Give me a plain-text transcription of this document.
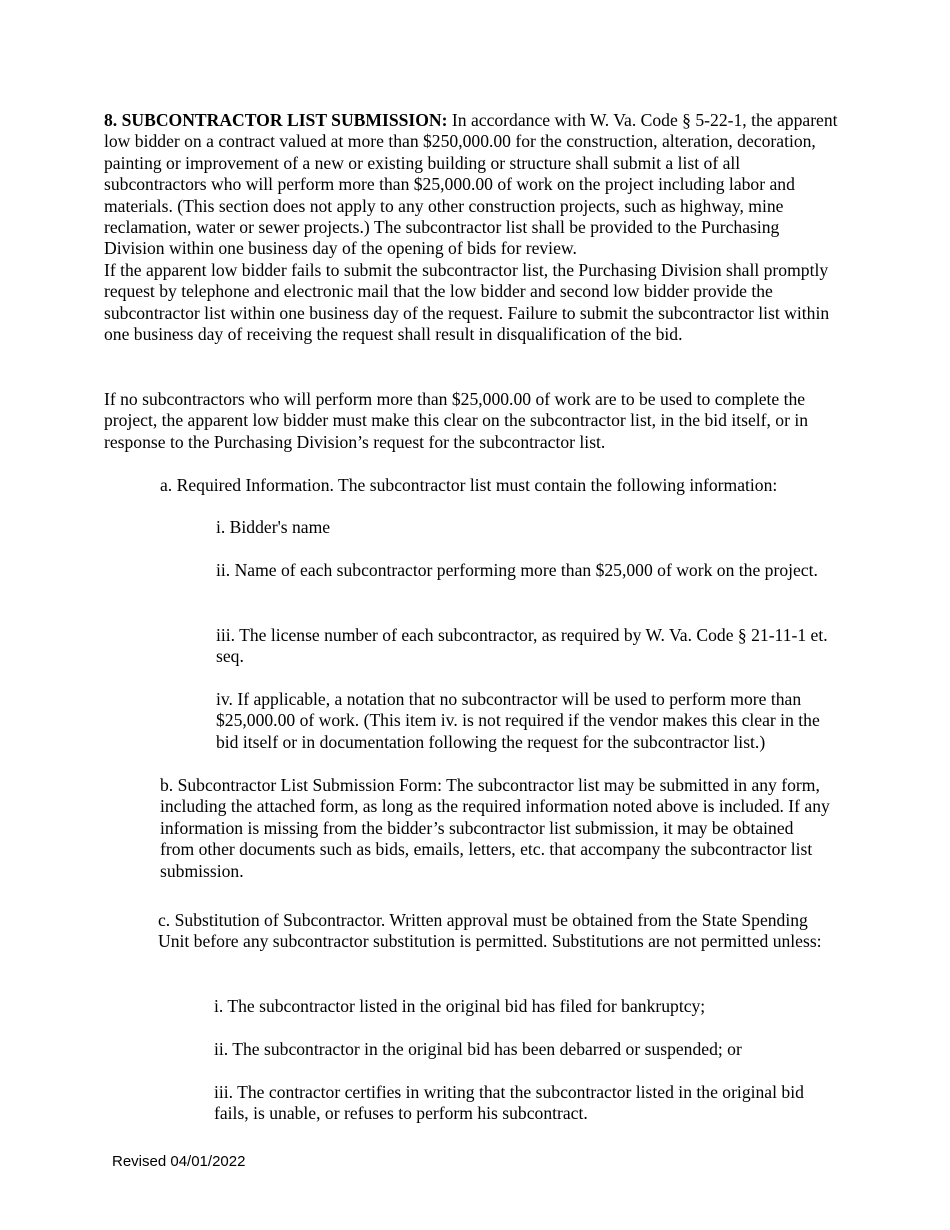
8. SUBCONTRACTOR LIST SUBMISSION: In accordance with W. Va. Code § 5-22-1, the apparent low bidder on a contract valued at more than $250,000.00 for the construction, alteration, decoration, painting or improvement of a new or existing building or structure shall submit a list of all subcontractors who will perform more than $25,000.00 of work on the project including labor and materials. (This section does not apply to any other construction projects, such as highway, mine reclamation, water or sewer projects.) The subcontractor list shall be provided to the Purchasing Division within one business day of the opening of bids for review.
If the apparent low bidder fails to submit the subcontractor list, the Purchasing Division shall promptly request by telephone and electronic mail that the low bidder and second low bidder provide the subcontractor list within one business day of the request. Failure to submit the subcontractor list within one business day of receiving the request shall result in disqualification of the bid.

If no subcontractors who will perform more than $25,000.00 of work are to be used to complete the project, the apparent low bidder must make this clear on the subcontractor list, in the bid itself, or in response to the Purchasing Division’s request for the subcontractor list.

a. Required Information. The subcontractor list must contain the following information:

i. Bidder's name

ii. Name of each subcontractor performing more than $25,000 of work on the project.

iii. The license number of each subcontractor, as required by W. Va. Code § 21-11-1 et. seq.

iv. If applicable, a notation that no subcontractor will be used to perform more than $25,000.00 of work. (This item iv. is not required if the vendor makes this clear in the bid itself or in documentation following the request for the subcontractor list.)

b. Subcontractor List Submission Form: The subcontractor list may be submitted in any form, including the attached form, as long as the required information noted above is included. If any information is missing from the bidder’s subcontractor list submission, it may be obtained from other documents such as bids, emails, letters, etc. that accompany the subcontractor list submission.

c. Substitution of Subcontractor. Written approval must be obtained from the State Spending Unit before any subcontractor substitution is permitted. Substitutions are not permitted unless:

i. The subcontractor listed in the original bid has filed for bankruptcy;

ii. The subcontractor in the original bid has been debarred or suspended; or

iii. The contractor certifies in writing that the subcontractor listed in the original bid fails, is unable, or refuses to perform his subcontract.

Revised 04/01/2022
